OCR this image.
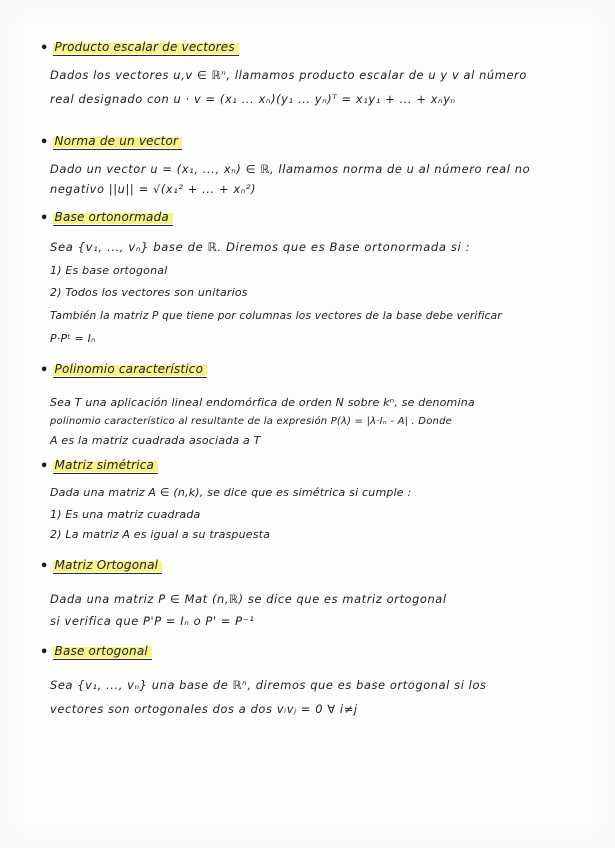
• Producto escalar de vectores
Dados los vectores u,v ∈ ℝⁿ, llamamos producto escalar de u y v al número
real designado con u · v = (x₁ ... xₙ)(y₁ ... yₙ)ᵀ = x₁y₁ + ... + xₙyₙ
• Norma de un vector
Dado un vector u = (x₁, ..., xₙ) ∈ ℝ, llamamos norma de u al número real no
negativo ||u|| = √(x₁² + ... + xₙ²)
• Base ortonormada
Sea {v₁, ..., vₙ} base de ℝ. Diremos que es Base ortonormada si :
1) Es base ortogonal
2) Todos los vectores son unitarios
También la matriz P que tiene por columnas los vectores de la base debe verificar
P·Pᵗ = Iₙ
• Polinomio característico
Sea T una aplicación lineal endomórfica de orden N sobre kⁿ, se denomina
polinomio característico al resultante de la expresión P(λ) = |λ·Iₙ - A| . Donde
A es la matriz cuadrada asociada a T
• Matriz simétrica
Dada una matriz A ∈ (n,k), se dice que es simétrica si cumple :
1) Es una matriz cuadrada
2) La matriz A es igual a su traspuesta
• Matriz Ortogonal
Dada una matriz P ∈ Mat (n,ℝ) se dice que es matriz ortogonal
si verifica que P'P = Iₙ o P' = P⁻¹
• Base ortogonal
Sea {v₁, ..., vₙ} una base de ℝⁿ, diremos que es base ortogonal si los
vectores son ortogonales dos a dos vᵢvⱼ = 0 ∀ i≠j
